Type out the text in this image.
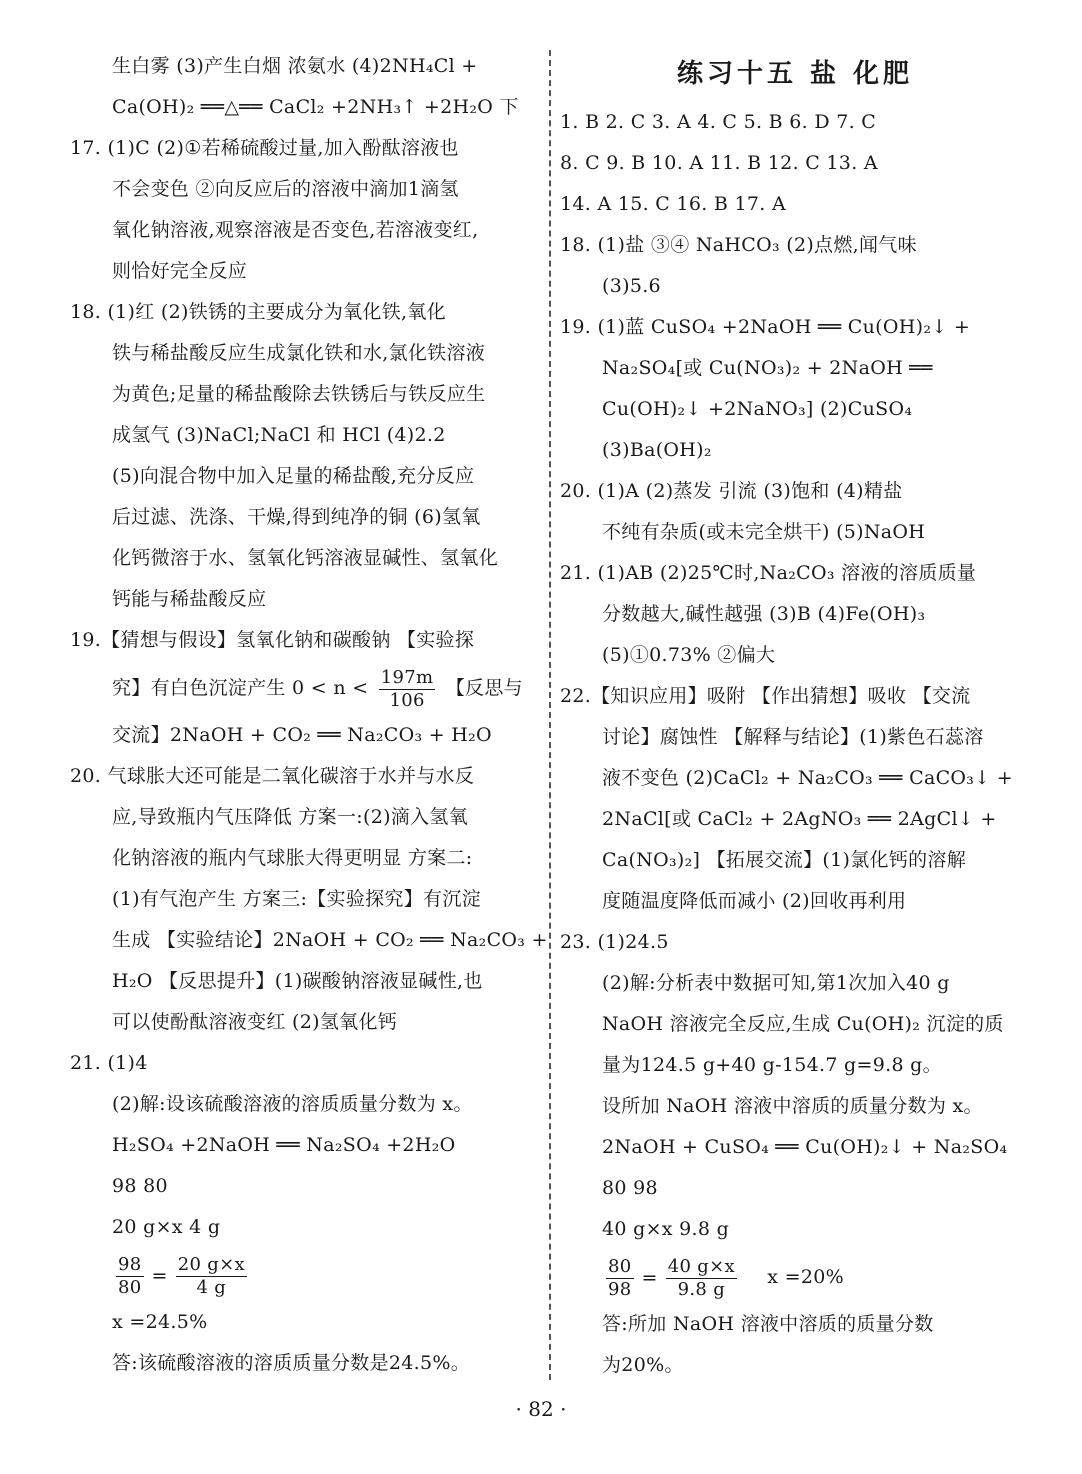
生白雾 (3)产生白烟 浓氨水 (4)2NH₄Cl +
Ca(OH)₂ ══△══ CaCl₂ +2NH₃↑ +2H₂O 下
17. (1)C (2)①若稀硫酸过量,加入酚酞溶液也
不会变色 ②向反应后的溶液中滴加1滴氢
氧化钠溶液,观察溶液是否变色,若溶液变红,
则恰好完全反应
18. (1)红 (2)铁锈的主要成分为氧化铁,氧化
铁与稀盐酸反应生成氯化铁和水,氯化铁溶液
为黄色;足量的稀盐酸除去铁锈后与铁反应生
成氢气 (3)NaCl;NaCl 和 HCl (4)2.2
(5)向混合物中加入足量的稀盐酸,充分反应
后过滤、洗涤、干燥,得到纯净的铜 (6)氢氧
化钙微溶于水、氢氧化钙溶液显碱性、氢氧化
钙能与稀盐酸反应
19.【猜想与假设】氢氧化钠和碳酸钠 【实验探
究】有白色沉淀产生 $0 < n < \frac{197m}{106}$ 【反思与
交流】2NaOH + CO₂ ══ Na₂CO₃ + H₂O
20. 气球胀大还可能是二氧化碳溶于水并与水反
应,导致瓶内气压降低 方案一:(2)滴入氢氧
化钠溶液的瓶内气球胀大得更明显 方案二:
(1)有气泡产生 方案三:【实验探究】有沉淀
生成 【实验结论】2NaOH + CO₂ ══ Na₂CO₃ +
H₂O 【反思提升】(1)碳酸钠溶液显碱性,也
可以使酚酞溶液变红 (2)氢氧化钙
21. (1)4
(2)解:设该硫酸溶液的溶质质量分数为 x。
H₂SO₄ +2NaOH ══ Na₂SO₄ +2H₂O
98 80
20 g×x 4 g
$\frac{98}{80} = \frac{20 g\times x}{4 g}$
x =24.5%
答:该硫酸溶液的溶质质量分数是24.5%。
练习十五 盐 化肥
1. B 2. C 3. A 4. C 5. B 6. D 7. C
8. C 9. B 10. A 11. B 12. C 13. A
14. A 15. C 16. B 17. A
18. (1)盐 ③④ NaHCO₃ (2)点燃,闻气味
(3)5.6
19. (1)蓝 CuSO₄ +2NaOH ══ Cu(OH)₂↓ +
Na₂SO₄[或 Cu(NO₃)₂ + 2NaOH ══
Cu(OH)₂↓ +2NaNO₃] (2)CuSO₄
(3)Ba(OH)₂
20. (1)A (2)蒸发 引流 (3)饱和 (4)精盐
不纯有杂质(或未完全烘干) (5)NaOH
21. (1)AB (2)25℃时,Na₂CO₃ 溶液的溶质质量
分数越大,碱性越强 (3)B (4)Fe(OH)₃
(5)①0.73% ②偏大
22.【知识应用】吸附 【作出猜想】吸收 【交流
讨论】腐蚀性 【解释与结论】(1)紫色石蕊溶
液不变色 (2)CaCl₂ + Na₂CO₃ ══ CaCO₃↓ +
2NaCl[或 CaCl₂ + 2AgNO₃ ══ 2AgCl↓ +
Ca(NO₃)₂] 【拓展交流】(1)氯化钙的溶解
度随温度降低而减小 (2)回收再利用
23. (1)24.5
(2)解:分析表中数据可知,第1次加入40 g
NaOH 溶液完全反应,生成 Cu(OH)₂ 沉淀的质
量为124.5 g+40 g-154.7 g=9.8 g。
设所加 NaOH 溶液中溶质的质量分数为 x。
2NaOH + CuSO₄ ══ Cu(OH)₂↓ + Na₂SO₄
80 98
40 g×x 9.8 g
$\frac{80}{98} = \frac{40 g\times x}{9.8 g}$ x =20%
答:所加 NaOH 溶液中溶质的质量分数
为20%。
· 82 ·
